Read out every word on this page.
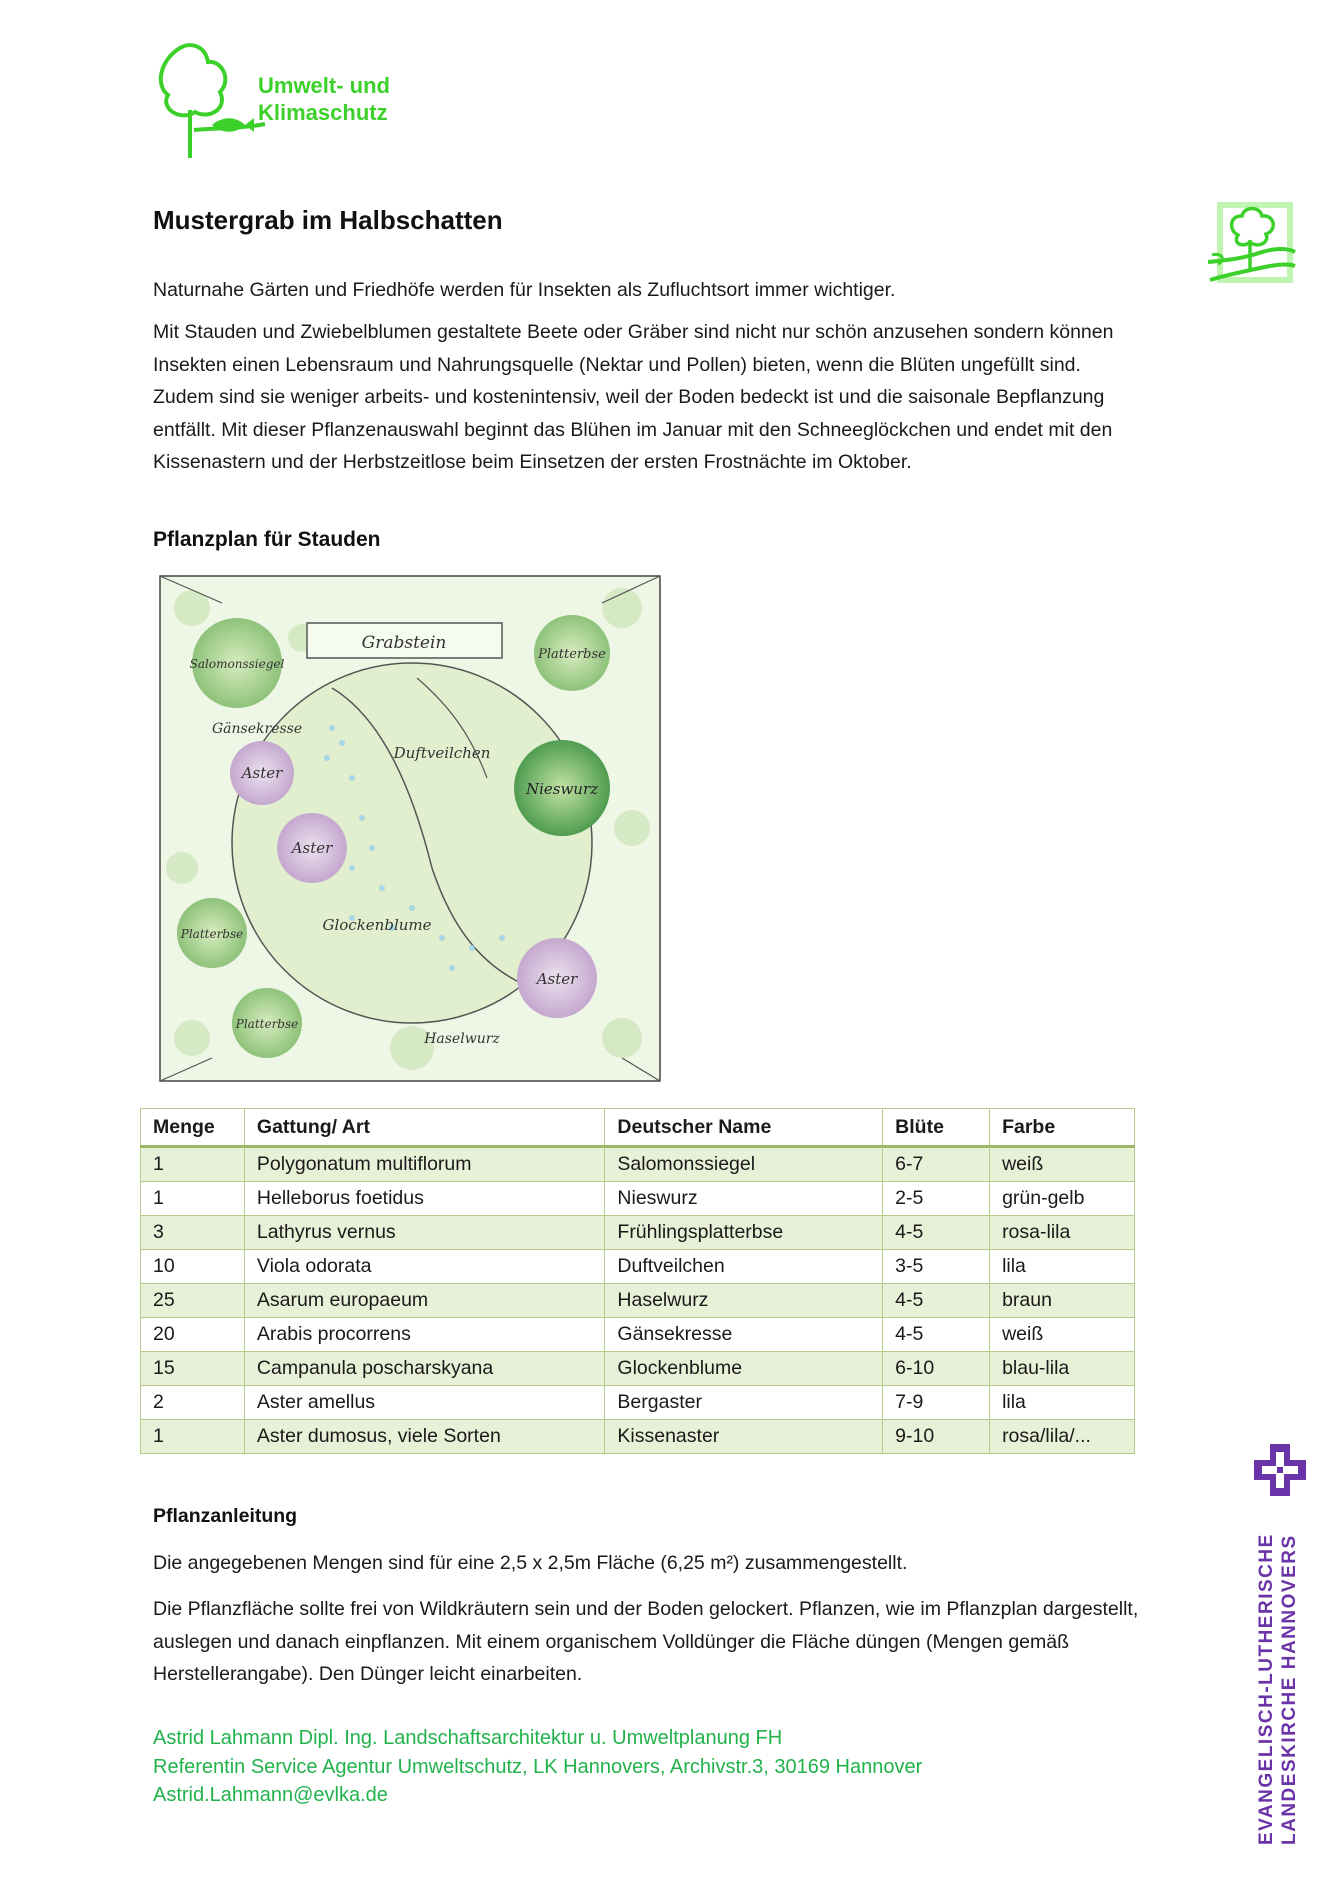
Umwelt- und
Klimaschutz
Mustergrab im Halbschatten
Naturnahe Gärten und Friedhöfe werden für Insekten als Zufluchtsort immer wichtiger.
Mit Stauden und Zwiebelblumen gestaltete Beete oder Gräber sind nicht nur schön anzusehen sondern können Insekten einen Lebensraum und Nahrungsquelle (Nektar und Pollen) bieten, wenn die Blüten ungefüllt sind. Zudem sind sie weniger arbeits- und kostenintensiv, weil der Boden bedeckt ist und die saisonale Bepflanzung entfällt. Mit dieser Pflanzenauswahl beginnt das Blühen im Januar mit den Schneeglöckchen und endet mit den Kissenastern und der Herbstzeitlose beim Einsetzen der ersten Frostnächte im Oktober.
Pflanzplan für Stauden
Grabstein
Salomonssiegel
Platterbse
Gänsekresse
Aster
Duftveilchen
Nieswurz
Aster
Platterbse	Glockenblume
Aster
Platterbse
Haselwurz
Menge	Gattung/ Art	Deutscher Name	Blüte	Farbe
1	Polygonatum multiflorum	Salomonssiegel	6-7	weiß
1	Helleborus foetidus	Nieswurz	2-5	grün-gelb
3	Lathyrus vernus	Frühlingsplatterbse	4-5	rosa-lila
10	Viola odorata	Duftveilchen	3-5	lila
25	Asarum europaeum	Haselwurz	4-5	braun
20	Arabis procorrens	Gänsekresse	4-5	weiß
15	Campanula poscharskyana	Glockenblume	6-10	blau-lila
2	Aster amellus	Bergaster	7-9	lila
1	Aster dumosus, viele Sorten	Kissenaster	9-10	rosa/lila/...
Pflanzanleitung
Die angegebenen Mengen sind für eine 2,5 x 2,5m Fläche (6,25 m²) zusammengestellt.
Die Pflanzfläche sollte frei von Wildkräutern sein und der Boden gelockert. Pflanzen, wie im Pflanzplan dargestellt, auslegen und danach einpflanzen. Mit einem organischem Volldünger die Fläche düngen (Mengen gemäß Herstellerangabe). Den Dünger leicht einarbeiten.
Astrid Lahmann Dipl. Ing. Landschaftsarchitektur u. Umweltplanung FH
Referentin Service Agentur Umweltschutz, LK Hannovers, Archivstr.3, 30169 Hannover
Astrid.Lahmann@evlka.de	EVANGELISCH-LUTHERISCHE LANDESKIRCHE HANNOVERS
